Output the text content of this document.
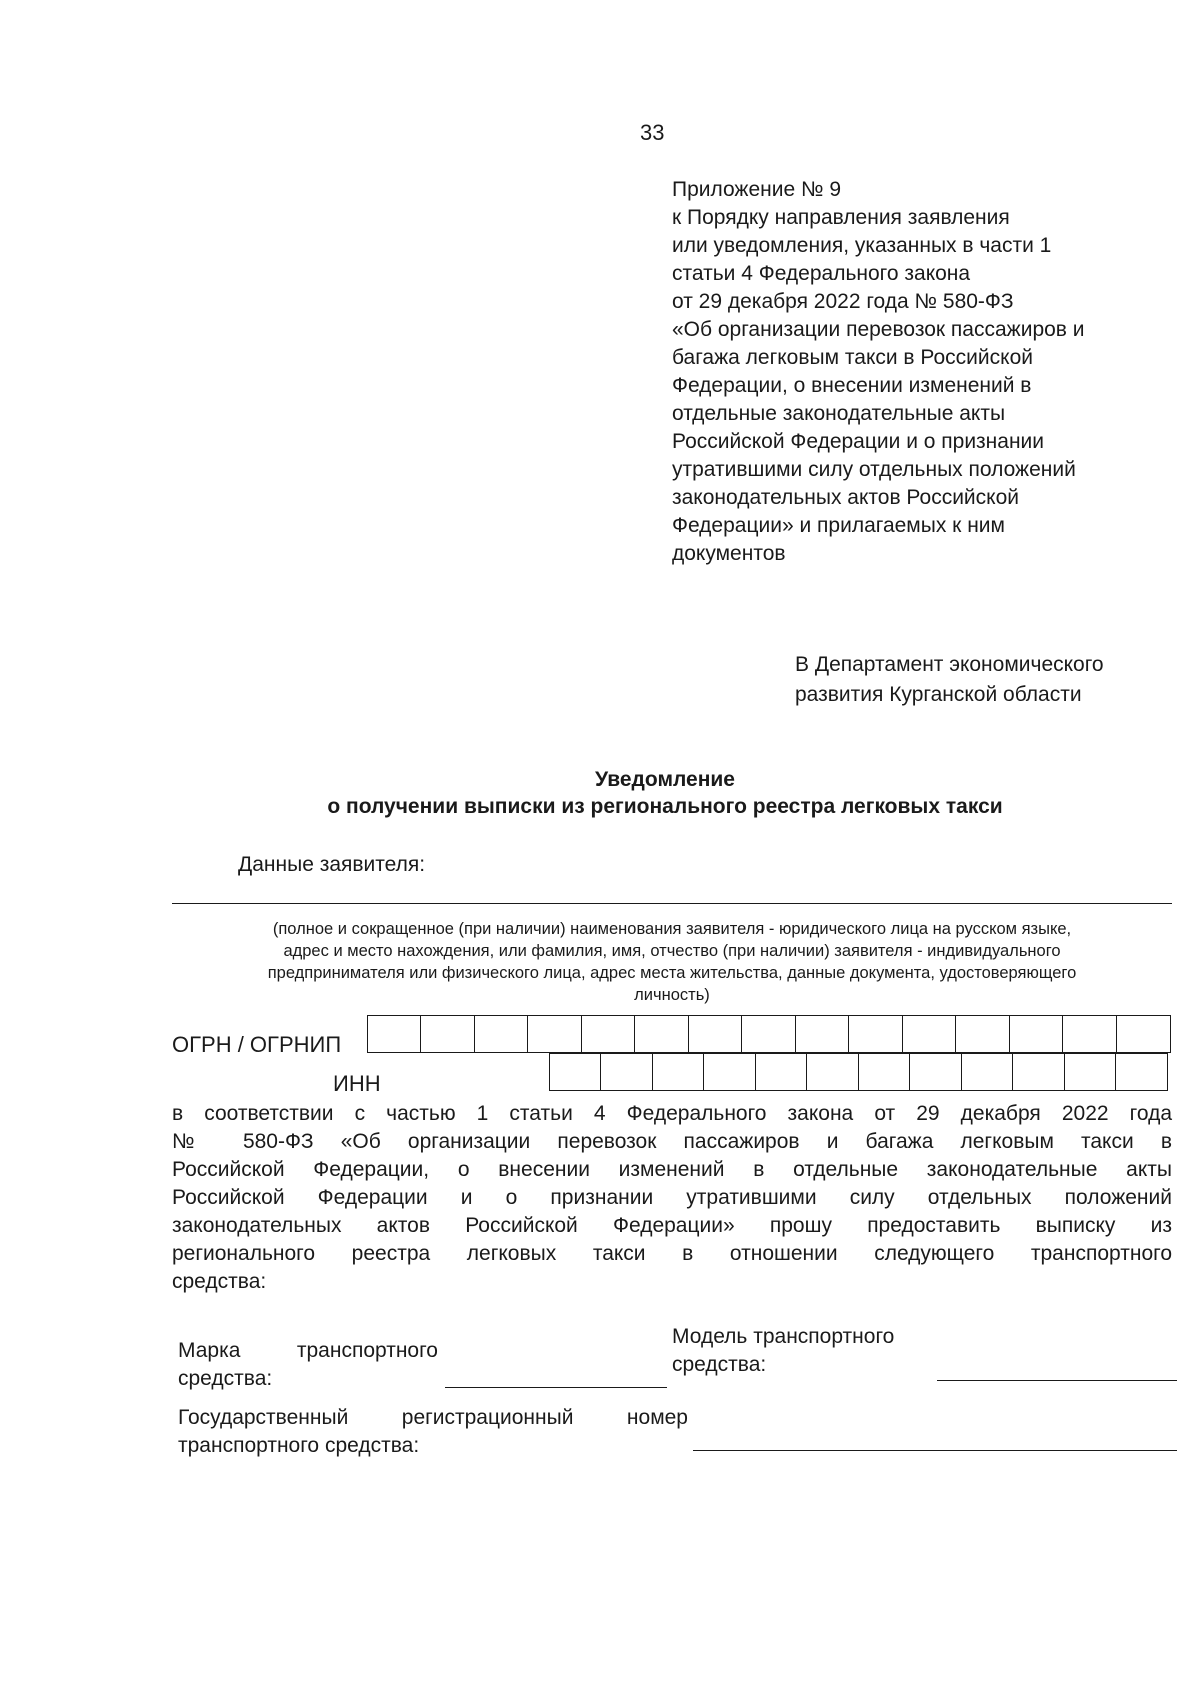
33
Приложение № 9
к Порядку направления заявления
или уведомления, указанных в части 1
статьи 4 Федерального закона
от 29 декабря 2022 года № 580-ФЗ
«Об организации перевозок пассажиров и
багажа легковым такси в Российской
Федерации, о внесении изменений в
отдельные законодательные акты
Российской Федерации и о признании
утратившими силу отдельных положений
законодательных актов Российской
Федерации» и прилагаемых к ним
документов
В Департамент экономического
развития Курганской области
Уведомление
о получении выписки из регионального реестра легковых такси
Данные заявителя:
(полное и сокращенное (при наличии) наименования заявителя - юридического лица на русском языке,
адрес и место нахождения, или фамилия, имя, отчество (при наличии) заявителя - индивидуального
предпринимателя или физического лица, адрес места жительства, данные документа, удостоверяющего
личность)
ОГРН / ОГРНИП
ИНН
в соответствии с частью 1 статьи 4 Федерального закона от 29 декабря 2022 года
№ 580-ФЗ «Об организации перевозок пассажиров и багажа легковым такси в
Российской Федерации, о внесении изменений в отдельные законодательные акты
Российской Федерации и о признании утратившими силу отдельных положений
законодательных актов Российской Федерации» прошу предоставить выписку из
регионального реестра легковых такси в отношении следующего транспортного
средства:
Марка транспортного
средства:
Модель транспортного
средства:
Государственный регистрационный номер
транспортного средства:
